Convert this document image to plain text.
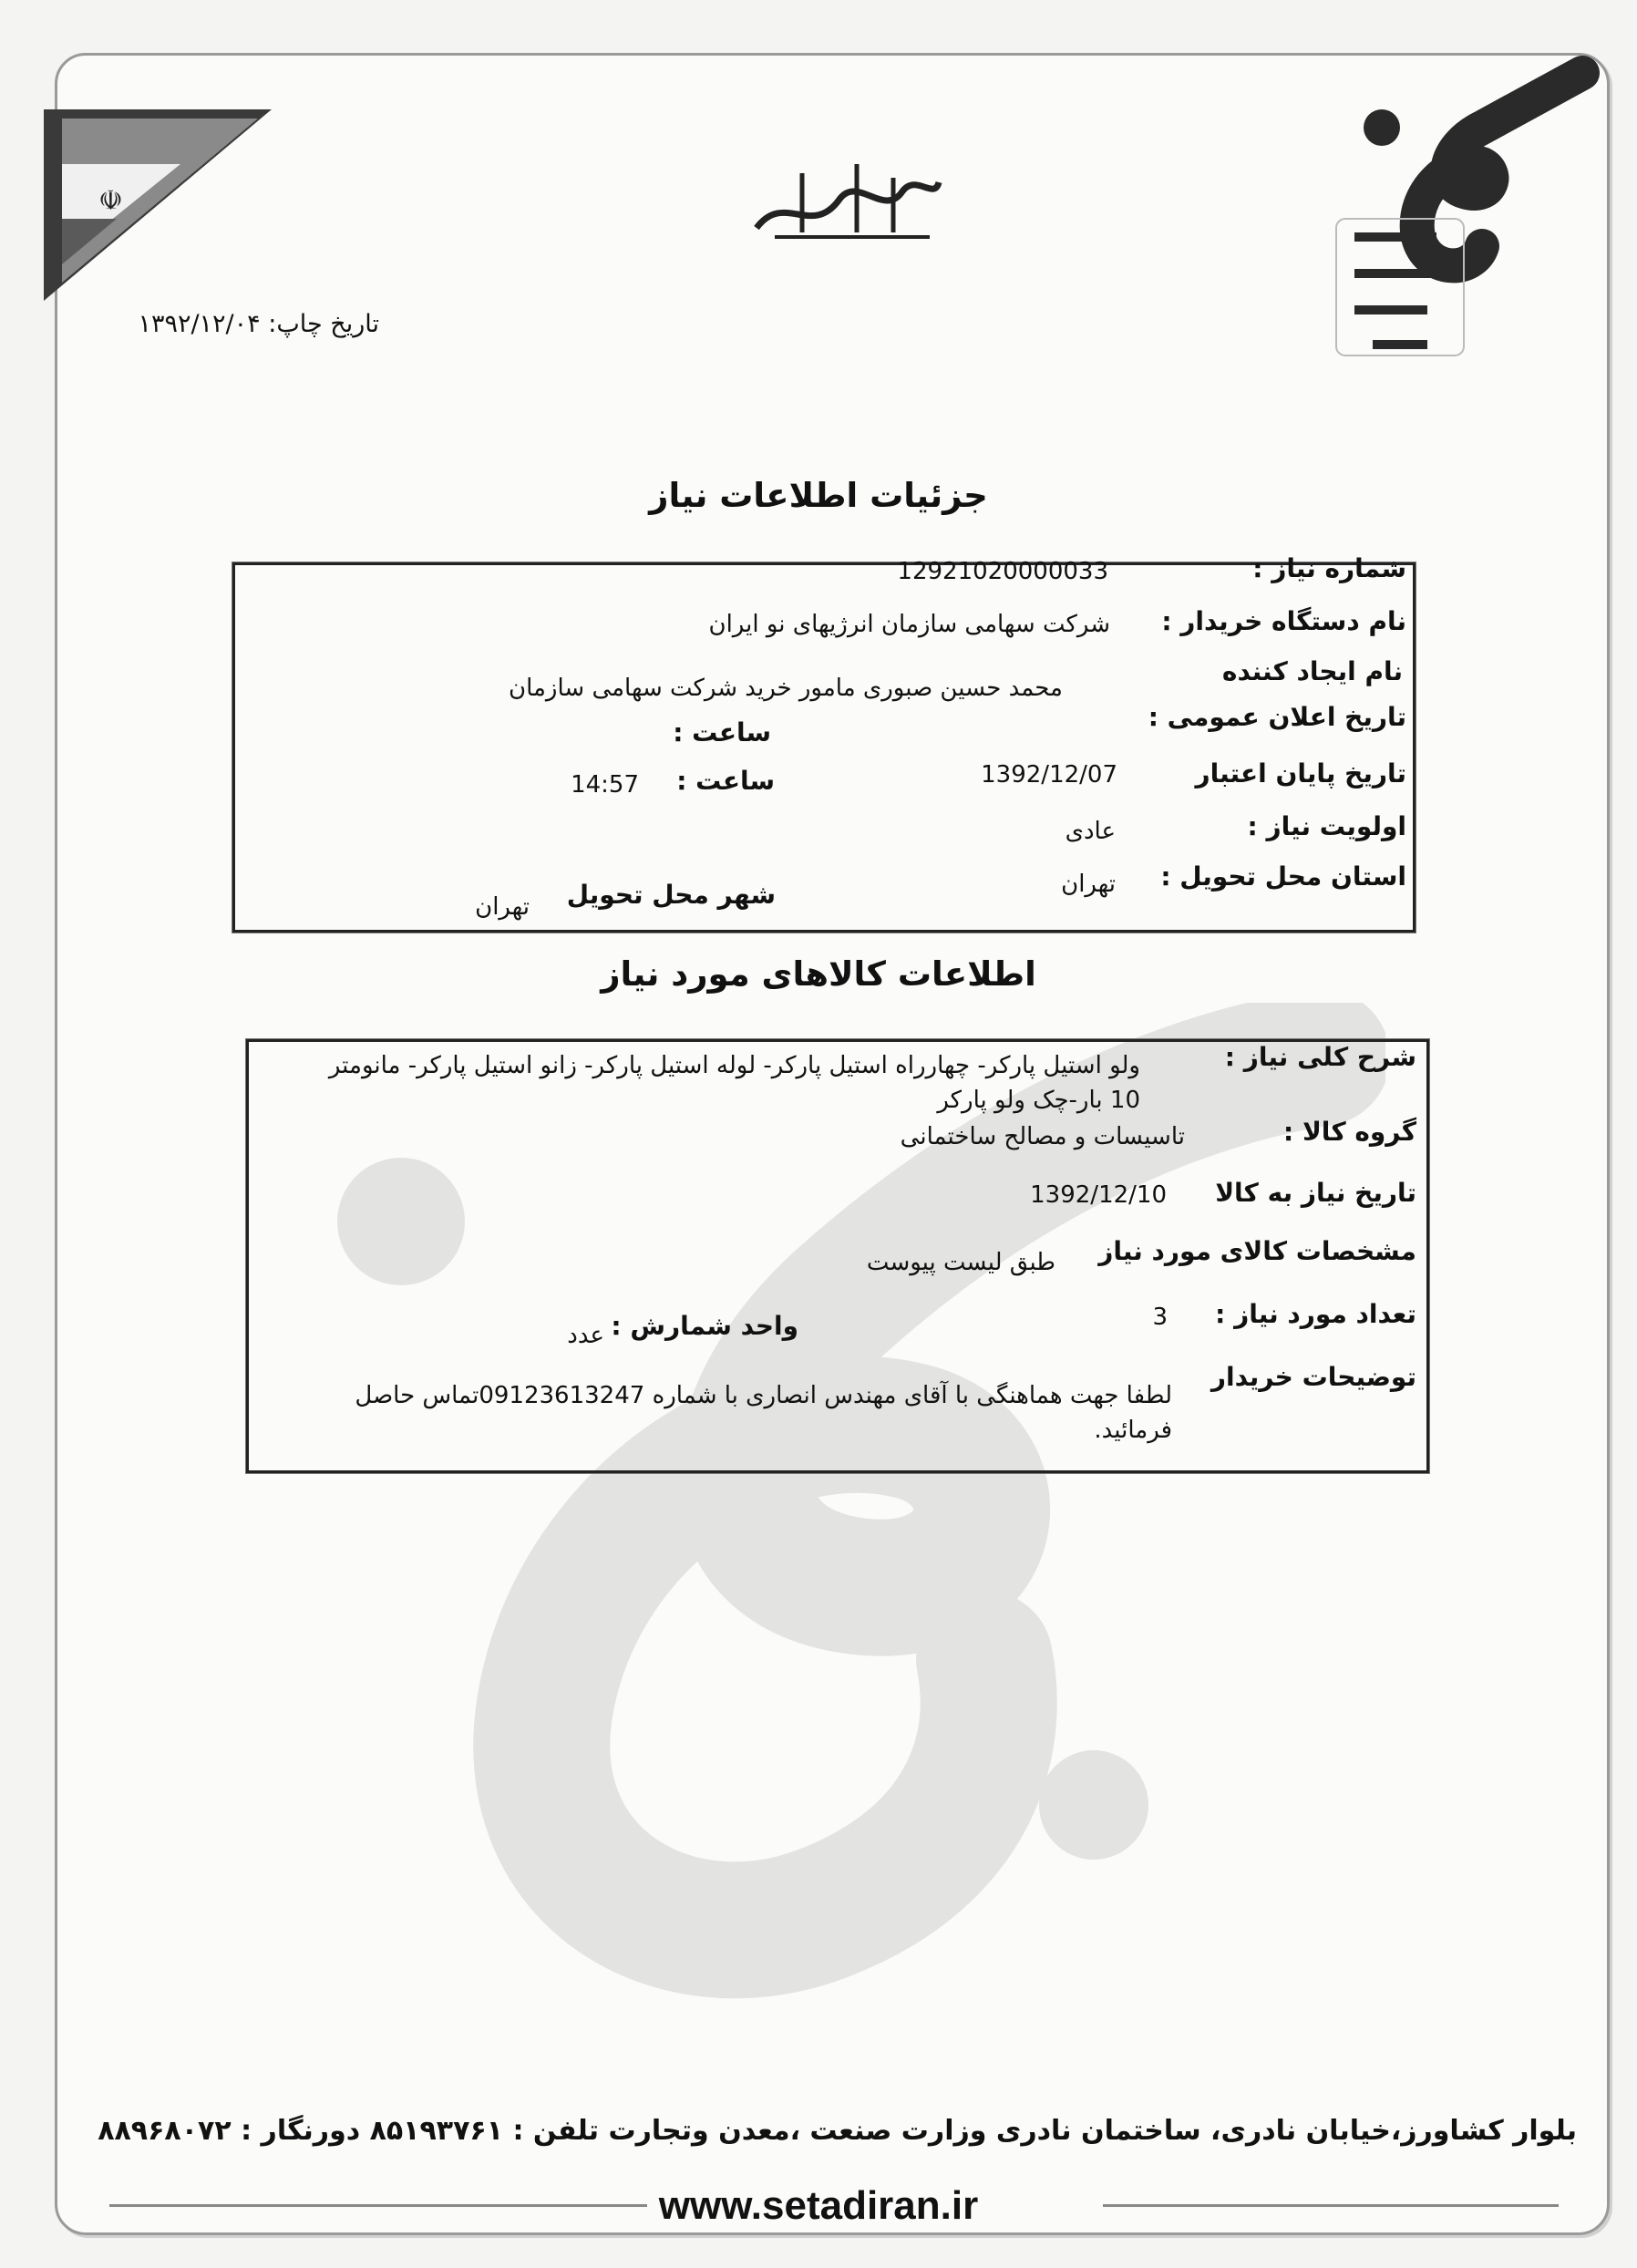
☫
تاریخ چاپ: ۱۳۹۲/۱۲/۰۴
جزئیات اطلاعات نیاز
شماره نیاز :
12921020000033
نام دستگاه خریدار :
شرکت سهامی سازمان انرژیهای نو ایران
نام ایجاد کننده
محمد حسین صبوری مامور خرید شرکت سهامی سازمان
تاریخ اعلان عمومی :
ساعت :
تاریخ پایان اعتبار
1392/12/07
ساعت :
14:57
اولویت نیاز :
عادی
استان محل تحویل :
تهران
شهر محل تحویل
تهران
اطلاعات کالاهای مورد نیاز
شرح کلی نیاز :
ولو استیل پارکر- چهارراه استیل پارکر- لوله استیل پارکر- زانو استیل پارکر- مانومتر 10 بار-چک ولو پارکر
گروه کالا :
تاسیسات و مصالح ساختمانی
تاریخ نیاز به کالا
1392/12/10
مشخصات کالای مورد نیاز
طبق لیست پیوست
تعداد مورد نیاز :
3
واحد شمارش :
عدد
توضیحات خریدار
لطفا جهت هماهنگی با آقای مهندس انصاری با شماره 09123613247تماس حاصل فرمائید.
بلوار کشاورز،خیابان نادری، ساختمان نادری وزارت صنعت ،معدن وتجارت تلفن : ۸۵۱۹۳۷۶۱ دورنگار : ۸۸۹۶۸۰۷۲
www.setadiran.ir
